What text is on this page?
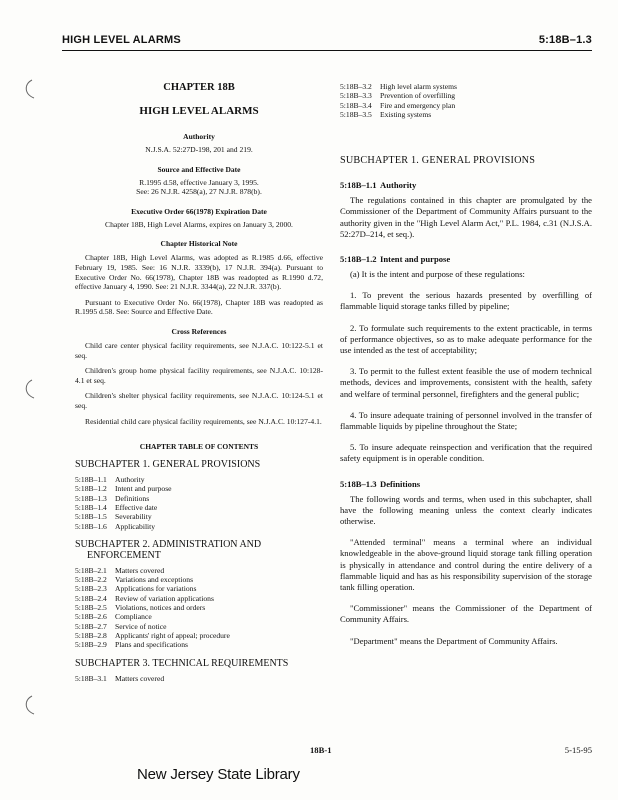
HIGH LEVEL ALARMS	5:18B–1.3
CHAPTER 18B
HIGH LEVEL ALARMS
Authority
N.J.S.A. 52:27D-198, 201 and 219.
Source and Effective Date
R.1995 d.58, effective January 3, 1995.
See: 26 N.J.R. 4258(a), 27 N.J.R. 878(b).
Executive Order 66(1978) Expiration Date
Chapter 18B, High Level Alarms, expires on January 3, 2000.
Chapter Historical Note
Chapter 18B, High Level Alarms, was adopted as R.1985 d.66, effective February 19, 1985. See: 16 N.J.R. 3339(b), 17 N.J.R. 394(a). Pursuant to Executive Order No. 66(1978), Chapter 18B was readopted as R.1990 d.72, effective January 4, 1990. See: 21 N.J.R. 3344(a), 22 N.J.R. 337(b).
Pursuant to Executive Order No. 66(1978), Chapter 18B was readopted as R.1995 d.58. See: Source and Effective Date.
Cross References
Child care center physical facility requirements, see N.J.A.C. 10:122-5.1 et seq.
Children's group home physical facility requirements, see N.J.A.C. 10:128-4.1 et seq.
Children's shelter physical facility requirements, see N.J.A.C. 10:124-5.1 et seq.
Residential child care physical facility requirements, see N.J.A.C. 10:127-4.1.
CHAPTER TABLE OF CONTENTS
SUBCHAPTER 1. GENERAL PROVISIONS
5:18B–1.1	Authority
5:18B–1.2	Intent and purpose
5:18B–1.3	Definitions
5:18B–1.4	Effective date
5:18B–1.5	Severability
5:18B–1.6	Applicability
SUBCHAPTER 2. ADMINISTRATION AND
ENFORCEMENT
5:18B–2.1	Matters covered
5:18B–2.2	Variations and exceptions
5:18B–2.3	Applications for variations
5:18B–2.4	Review of variation applications
5:18B–2.5	Violations, notices and orders
5:18B–2.6	Compliance
5:18B–2.7	Service of notice
5:18B–2.8	Applicants' right of appeal; procedure
5:18B–2.9	Plans and specifications
SUBCHAPTER 3. TECHNICAL REQUIREMENTS
5:18B–3.1	Matters covered
5:18B–3.2	High level alarm systems
5:18B–3.3	Prevention of overfilling
5:18B–3.4	Fire and emergency plan
5:18B–3.5	Existing systems
SUBCHAPTER 1. GENERAL PROVISIONS
5:18B–1.1 Authority
The regulations contained in this chapter are promulgated by the Commissioner of the Department of Community Affairs pursuant to the authority given in the "High Level Alarm Act," P.L. 1984, c.31 (N.J.S.A. 52:27D–214, et seq.).
5:18B–1.2 Intent and purpose
(a) It is the intent and purpose of these regulations:
1. To prevent the serious hazards presented by overfilling of flammable liquid storage tanks filled by pipeline;
2. To formulate such requirements to the extent practicable, in terms of performance objectives, so as to make adequate performance for the use intended as the test of acceptability;
3. To permit to the fullest extent feasible the use of modern technical methods, devices and improvements, consistent with the health, safety and welfare of terminal personnel, firefighters and the general public;
4. To insure adequate training of personnel involved in the transfer of flammable liquids by pipeline throughout the State;
5. To insure adequate reinspection and verification that the required safety equipment is in operable condition.
5:18B–1.3 Definitions
The following words and terms, when used in this subchapter, shall have the following meaning unless the context clearly indicates otherwise.
"Attended terminal" means a terminal where an individual knowledgeable in the above-ground liquid storage tank filling operation is physically in attendance and control during the entire delivery of a flammable liquid and has as his responsibility supervision of the storage tank filling operation.
"Commissioner" means the Commissioner of the Department of Community Affairs.
"Department" means the Department of Community Affairs.
18B-1	5-15-95
New Jersey State Library
